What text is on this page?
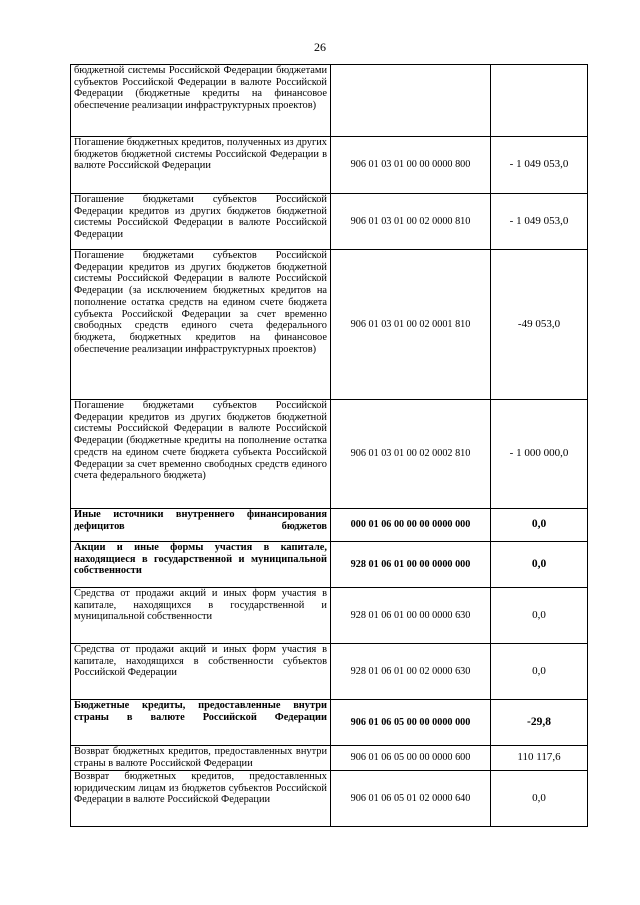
26
бюджетной системы Российской Федерации бюджетами субъектов Российской Федерации в валюте Российской Федерации (бюджетные кредиты на финансовое обеспечение реализации инфраструктурных проектов)		
Погашение бюджетных кредитов, полученных из других бюджетов бюджетной системы Российской Федерации в валюте Российской Федерации	906 01 03 01 00 00 0000 800	- 1 049 053,0
Погашение бюджетами субъектов Российской Федерации кредитов из других бюджетов бюджетной системы Российской Федерации в валюте Российской Федерации	906 01 03 01 00 02 0000 810	- 1 049 053,0
Погашение бюджетами субъектов Российской Федерации кредитов из других бюджетов бюджетной системы Российской Федерации в валюте Российской Федерации (за исключением бюджетных кредитов на пополнение остатка средств на едином счете бюджета субъекта Российской Федерации за счет временно свободных средств единого счета федерального бюджета, бюджетных кредитов на финансовое обеспечение реализации инфраструктурных проектов)	906 01 03 01 00 02 0001 810	-49 053,0
Погашение бюджетами субъектов Российской Федерации кредитов из других бюджетов бюджетной системы Российской Федерации в валюте Российской Федерации (бюджетные кредиты на пополнение остатка средств на едином счете бюджета субъекта Российской Федерации за счет временно свободных средств единого счета федерального бюджета)	906 01 03 01 00 02 0002 810	- 1 000 000,0
Иные источники внутреннего финансирования дефицитов бюджетов	000 01 06 00 00 00 0000 000	0,0
Акции и иные формы участия в капитале, находящиеся в государственной и муниципальной собственности	928 01 06 01 00 00 0000 000	0,0
Средства от продажи акций и иных форм участия в капитале, находящихся в государственной и муниципальной собственности	928 01 06 01 00 00 0000 630	0,0
Средства от продажи акций и иных форм участия в капитале, находящихся в собственности субъектов Российской Федерации	928 01 06 01 00 02 0000 630	0,0
Бюджетные кредиты, предоставленные внутри страны в валюте Российской Федерации	906 01 06 05 00 00 0000 000	-29,8
Возврат бюджетных кредитов, предоставленных внутри страны в валюте Российской Федерации	906 01 06 05 00 00 0000 600	110 117,6
Возврат бюджетных кредитов, предоставленных юридическим лицам из бюджетов субъектов Российской Федерации в валюте Российской Федерации	906 01 06 05 01 02 0000 640	0,0
